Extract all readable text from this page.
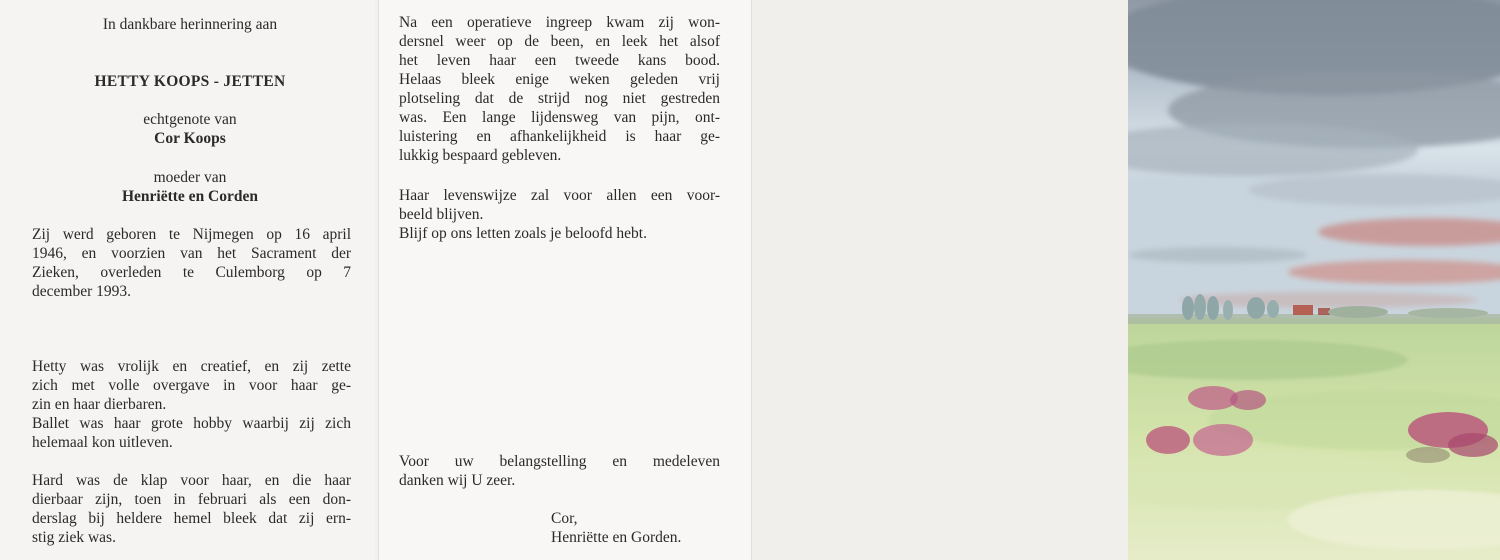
In dankbare herinnering aan
HETTY KOOPS - JETTEN
echtgenote van
Cor Koops
moeder van
Henriëtte en Corden
Zij werd geboren te Nijmegen op 16 april
1946, en voorzien van het Sacrament der
Zieken, overleden te Culemborg op 7
december 1993.
Hetty was vrolijk en creatief, en zij zette
zich met volle overgave in voor haar ge-
zin en haar dierbaren.
Ballet was haar grote hobby waarbij zij zich
helemaal kon uitleven.
Hard was de klap voor haar, en die haar
dierbaar zijn, toen in februari als een don-
derslag bij heldere hemel bleek dat zij ern-
stig ziek was.
Na een operatieve ingreep kwam zij won-
dersnel weer op de been, en leek het alsof
het leven haar een tweede kans bood.
Helaas bleek enige weken geleden vrij
plotseling dat de strijd nog niet gestreden
was. Een lange lijdensweg van pijn, ont-
luistering en afhankelijkheid is haar ge-
lukkig bespaard gebleven.
Haar levenswijze zal voor allen een voor-
beeld blijven.
Blijf op ons letten zoals je beloofd hebt.
Voor uw belangstelling en medeleven
danken wij U zeer.
Cor,
Henriëtte en Gorden.
